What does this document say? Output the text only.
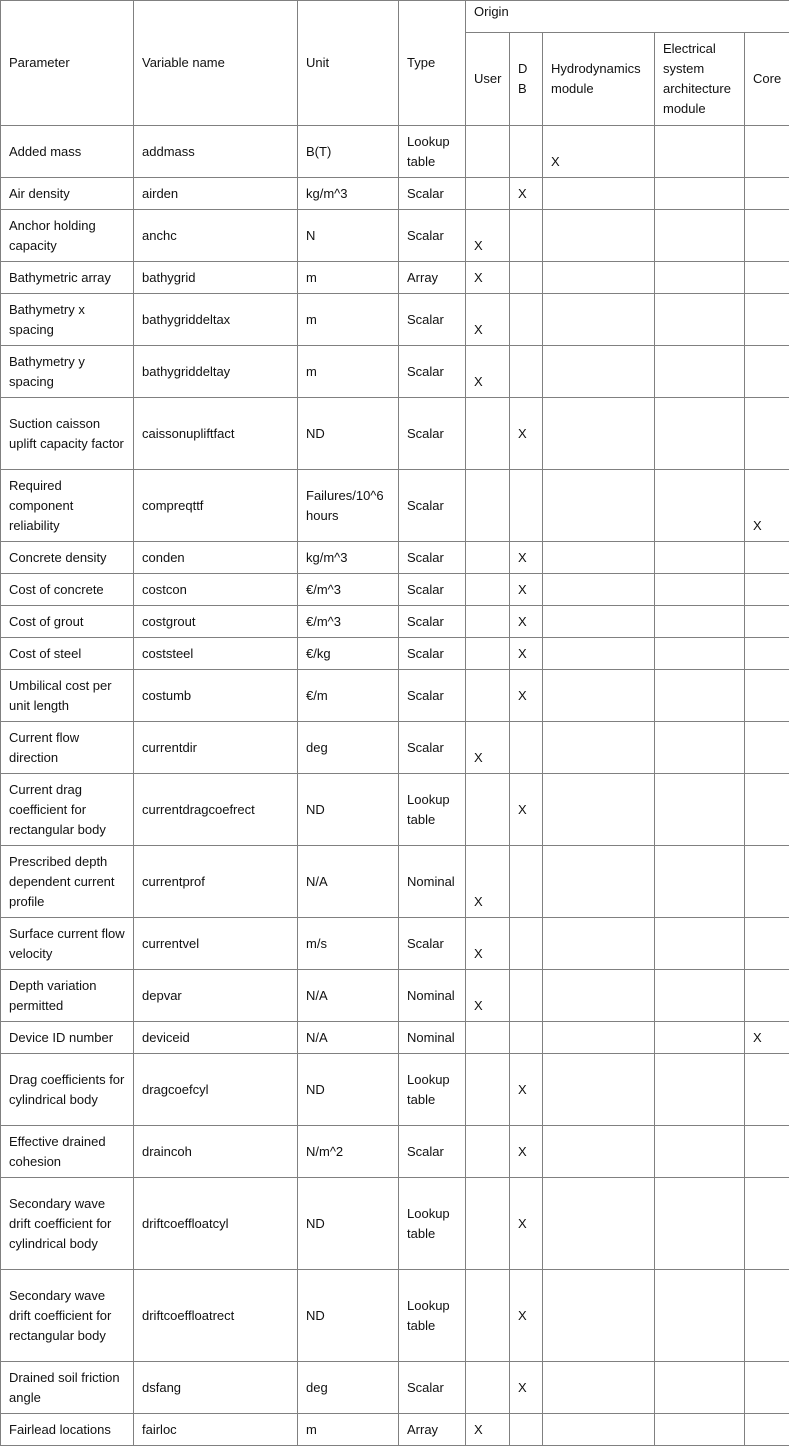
Parameter	Variable name	Unit	Type	Origin				
				User	DB	Hydrodynamics module	Electrical system architecture module	Core
Added mass	addmass	B(T)	Lookup table			X		
Air density	airden	kg/m^3	Scalar		X			
Anchor holding capacity	anchc	N	Scalar	X				
Bathymetric array	bathygrid	m	Array	X				
Bathymetry x spacing	bathygriddeltax	m	Scalar	X				
Bathymetry y spacing	bathygriddeltay	m	Scalar	X				
Suction caisson uplift capacity factor	caissonupliftfact	ND	Scalar		X			
Required component reliability	compreqttf	Failures/10^6 hours	Scalar					X
Concrete density	conden	kg/m^3	Scalar		X			
Cost of concrete	costcon	€/m^3	Scalar		X			
Cost of grout	costgrout	€/m^3	Scalar		X			
Cost of steel	coststeel	€/kg	Scalar		X			
Umbilical cost per unit length	costumb	€/m	Scalar		X			
Current flow direction	currentdir	deg	Scalar	X				
Current drag coefficient for rectangular body	currentdragcoefrect	ND	Lookup table		X			
Prescribed depth dependent current profile	currentprof	N/A	Nominal	X				
Surface current flow velocity	currentvel	m/s	Scalar	X				
Depth variation permitted	depvar	N/A	Nominal	X				
Device ID number	deviceid	N/A	Nominal					X
Drag coefficients for cylindrical body	dragcoefcyl	ND	Lookup table		X			
Effective drained cohesion	draincoh	N/m^2	Scalar		X			
Secondary wave drift coefficient for cylindrical body	driftcoeffloatcyl	ND	Lookup table		X			
Secondary wave drift coefficient for rectangular body	driftcoeffloatrect	ND	Lookup table		X			
Drained soil friction angle	dsfang	deg	Scalar		X			
Fairlead locations	fairloc	m	Array	X				
